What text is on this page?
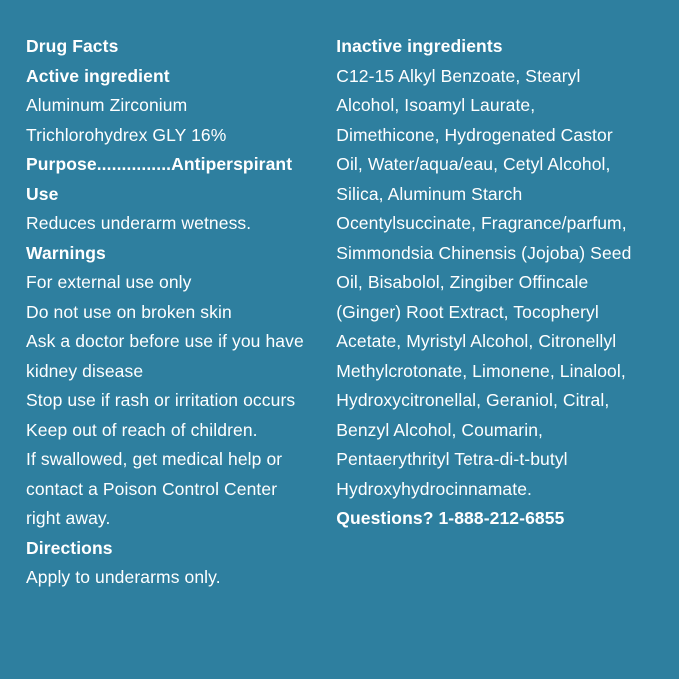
Drug Facts
Active ingredient
Aluminum Zirconium
Trichlorohydrex GLY 16%
Purpose...............Antiperspirant
Use
Reduces underarm wetness.
Warnings
For external use only
Do not use on broken skin
Ask a doctor before use if you have
kidney disease
Stop use if rash or irritation occurs
Keep out of reach of children.
If swallowed, get medical help or
contact a Poison Control Center
right away.
Directions
Apply to underarms only.
Inactive ingredients
C12-15 Alkyl Benzoate, Stearyl
Alcohol, Isoamyl Laurate,
Dimethicone, Hydrogenated Castor
Oil, Water/aqua/eau, Cetyl Alcohol,
Silica, Aluminum Starch
Ocentylsuccinate, Fragrance/parfum,
Simmondsia Chinensis (Jojoba) Seed
Oil, Bisabolol, Zingiber Offincale
(Ginger) Root Extract, Tocopheryl
Acetate, Myristyl Alcohol, Citronellyl
Methylcrotonate, Limonene, Linalool,
Hydroxycitronellal, Geraniol, Citral,
Benzyl Alcohol, Coumarin,
Pentaerythrityl Tetra-di-t-butyl
Hydroxyhydrocinnamate.
Questions? 1-888-212-6855
